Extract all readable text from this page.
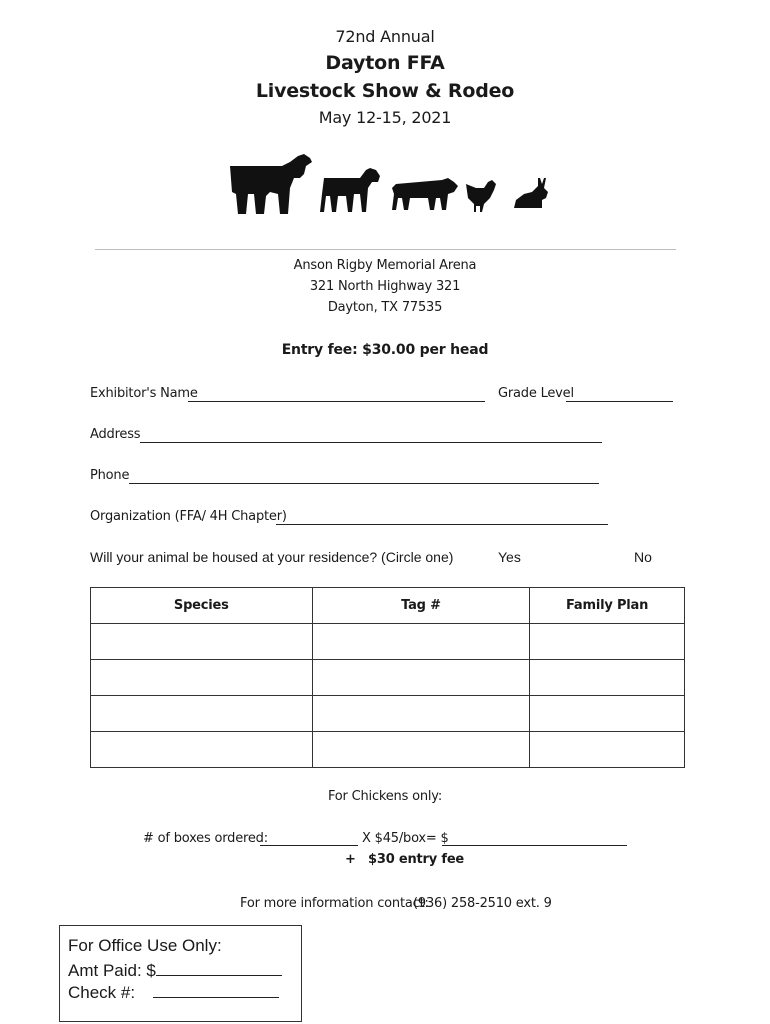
72nd Annual
Dayton FFA
Livestock Show & Rodeo
May 12-15, 2021
Anson Rigby Memorial Arena
321 North Highway 321
Dayton, TX 77535
Entry fee: $30.00 per head
Exhibitor's Name	Grade Level
Address
Phone
Organization (FFA/ 4H Chapter)
Will your animal be housed at your residence? (Circle one)	Yes	No
Species	Tag #	Family Plan

For Chickens only:
# of boxes ordered:	X $45/box= $
+ $30 entry fee
For more information contact:
(936) 258-2510 ext. 9
For Office Use Only:
Amt Paid: $
Check #:
